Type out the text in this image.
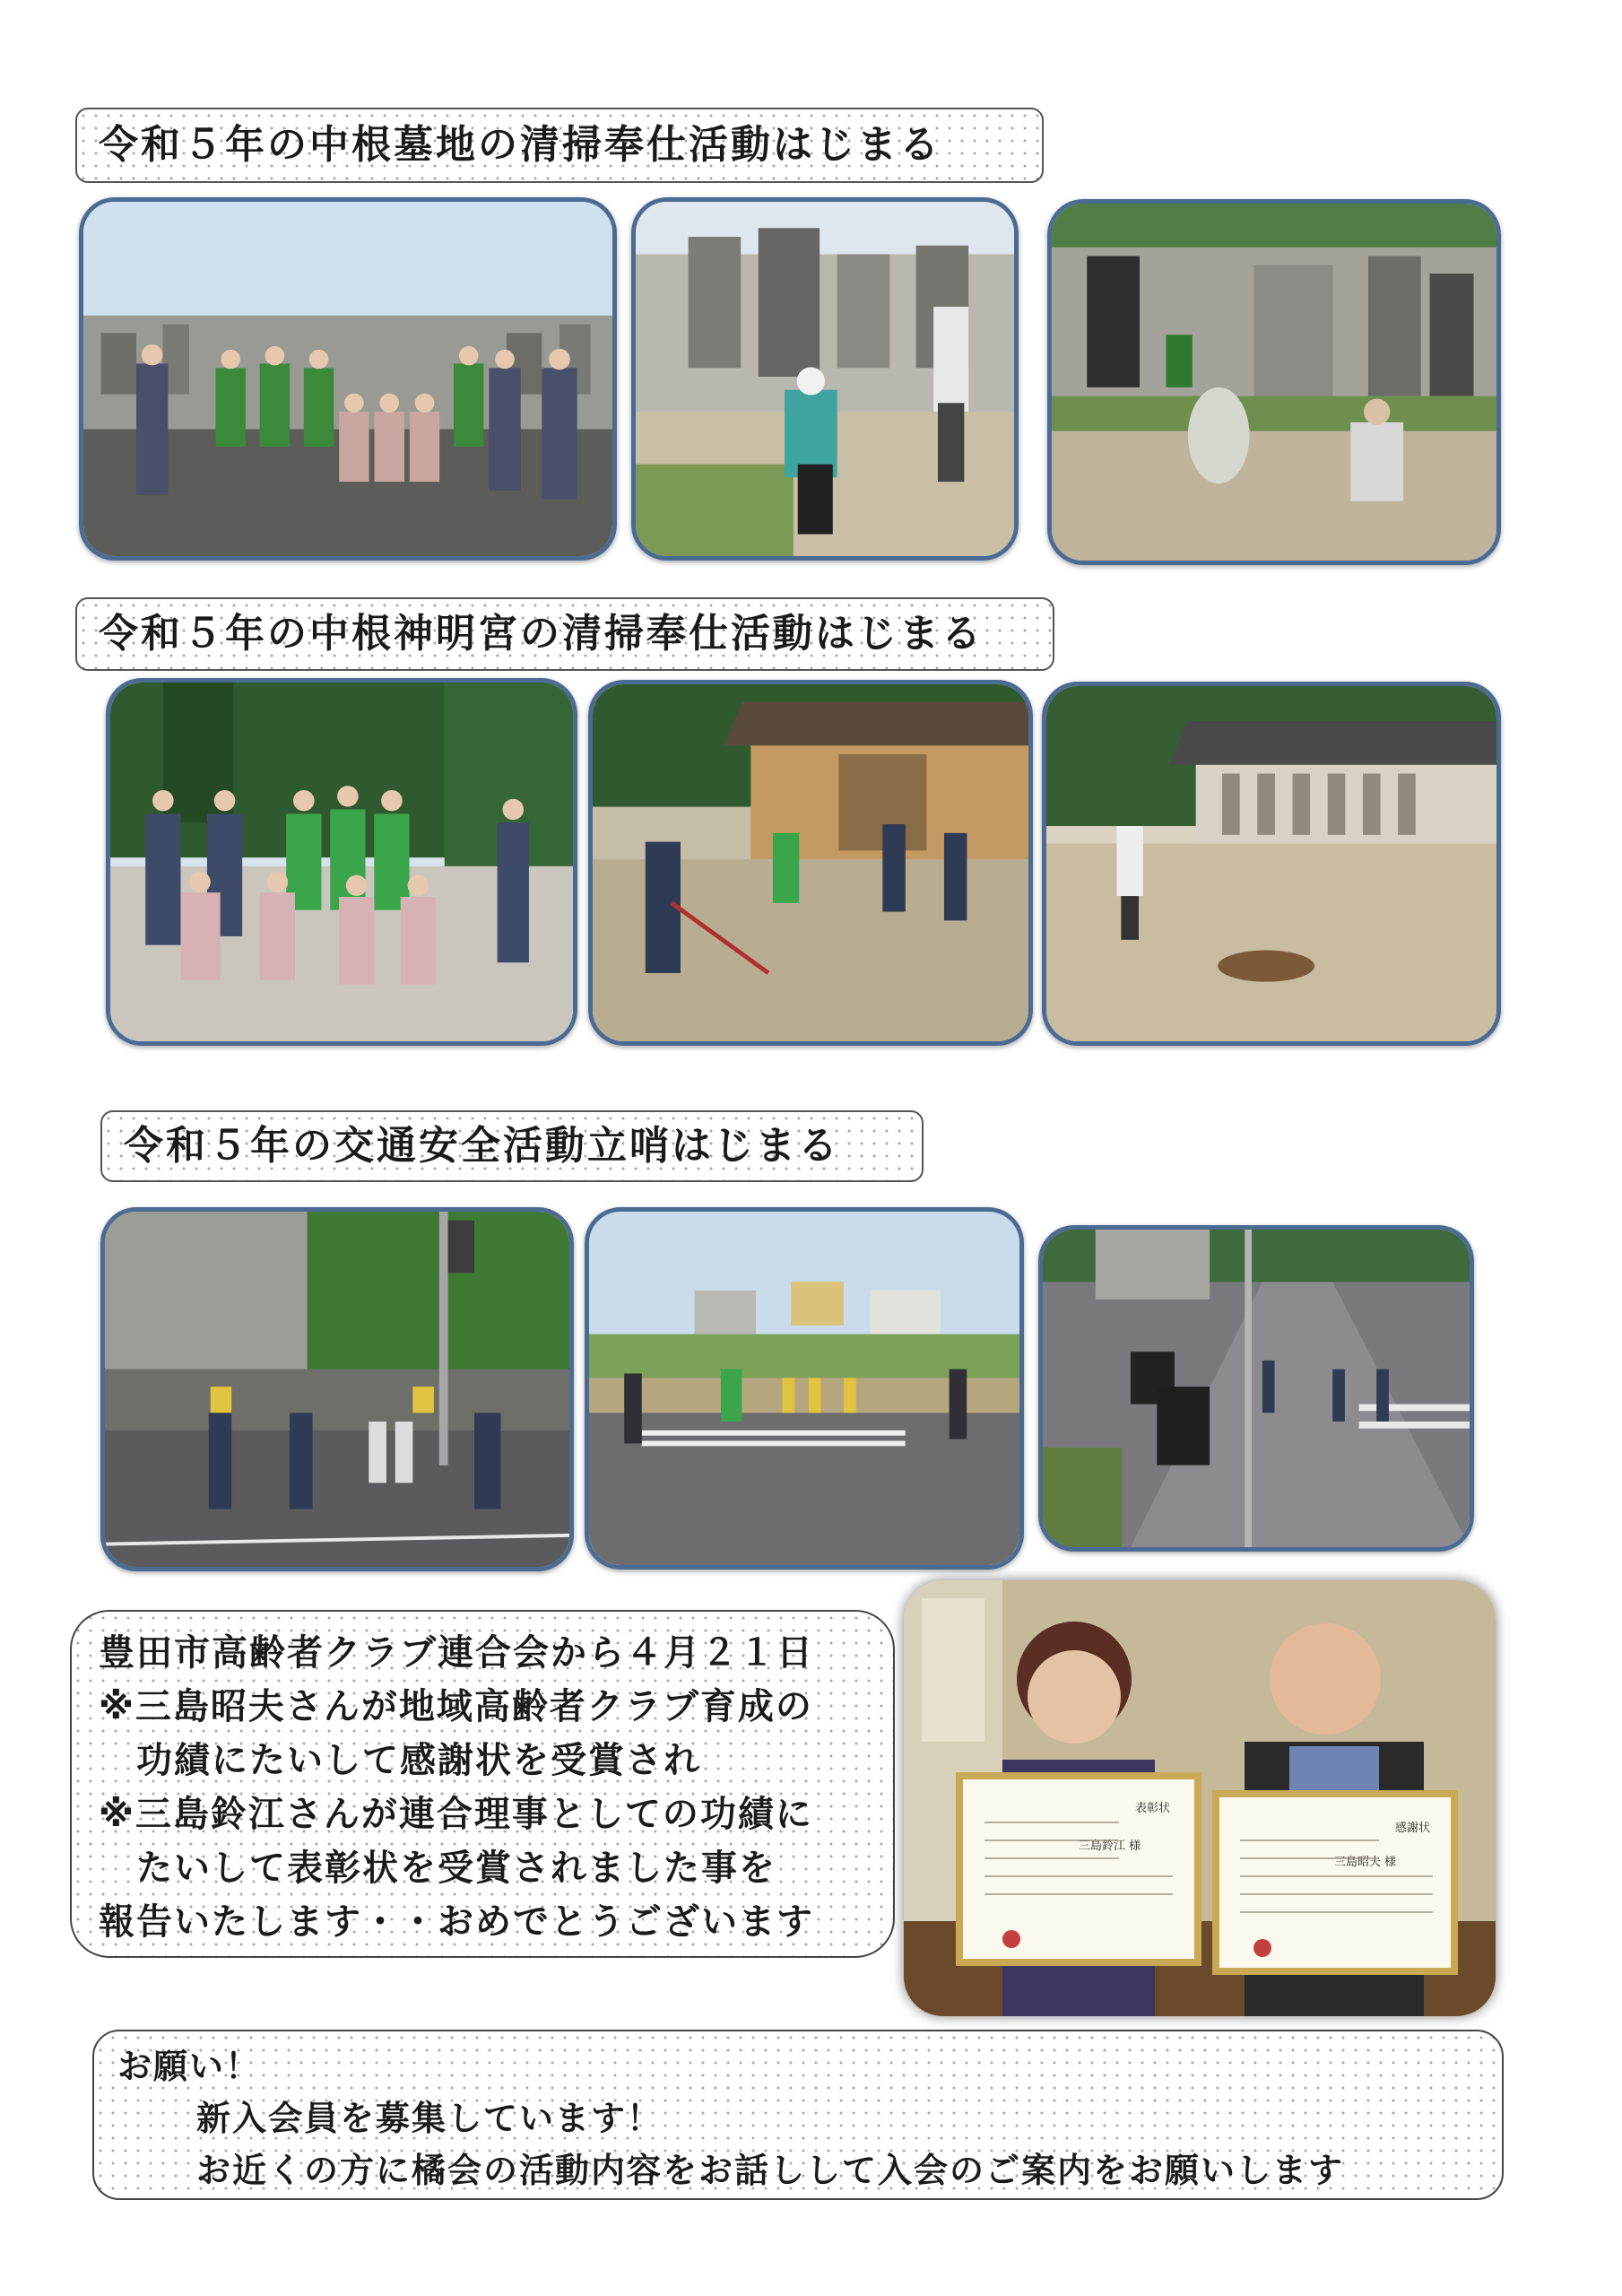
令和５年の中根墓地の清掃奉仕活動はじまる
令和５年の中根神明宮の清掃奉仕活動はじまる
令和５年の交通安全活動立哨はじまる
豊田市高齢者クラブ連合会から４月２１日
※三島昭夫さんが地域高齢者クラブ育成の
功績にたいして感謝状を受賞され
※三島鈴江さんが連合理事としての功績に
たいして表彰状を受賞されました事を
報告いたします・・おめでとうございます
表彰状
三島鈴江 様
感謝状
三島昭夫 様
お願い！
新入会員を募集しています！
お近くの方に橘会の活動内容をお話しして入会のご案内をお願いします
